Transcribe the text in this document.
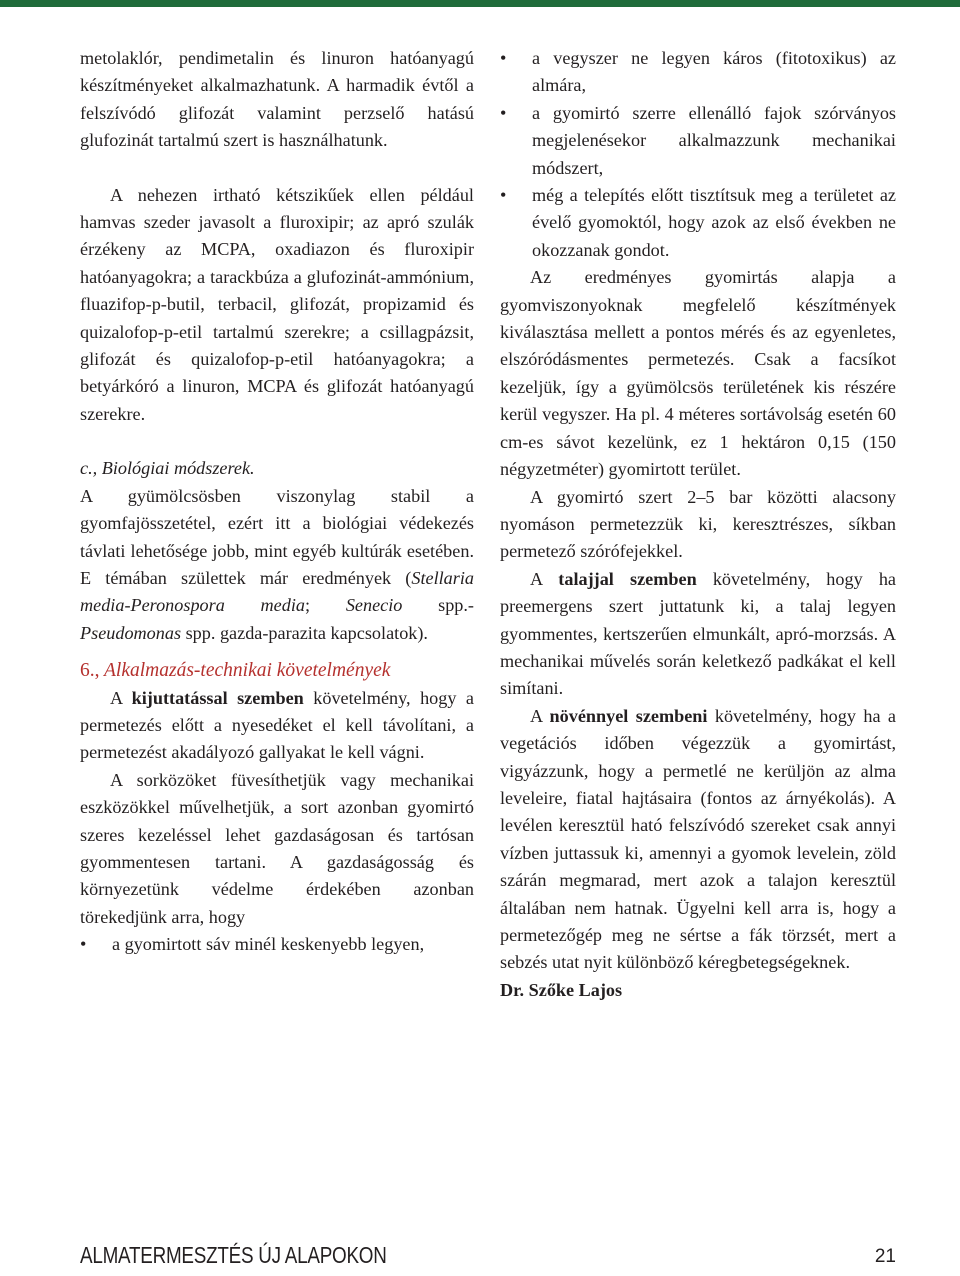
metolaklór, pendimetalin és linuron hatóanyagú készítményeket alkalmazhatunk. A harmadik évtől a felszívódó glifozát valamint perzselő hatású glufozinát tartalmú szert is használhatunk.

A nehezen irtható kétszikűek ellen például hamvas szeder javasolt a fluroxipir; az apró szulák érzékeny az MCPA, oxadiazon és fluroxipir hatóanyagokra; a tarackbúza a glufozinát-ammónium, fluazifop-p-butil, terbacil, glifozát, propizamid és quizalofop-p-etil tartalmú szerekre; a csillagpázsit, glifozát és quizalofop-p-etil hatóanyagokra; a betyárkóró a linuron, MCPA és glifozát hatóanyagú szerekre.

c., Biológiai módszerek.

A gyümölcsösben viszonylag stabil a gyomfajösszetétel, ezért itt a biológiai védekezés távlati lehetősége jobb, mint egyéb kultúrák esetében. E témában születtek már eredmények (Stellaria media-Peronospora media; Senecio spp.-Pseudomonas spp. gazda-parazita kapcsolatok).

6., Alkalmazás-technikai követelmények

A kijuttatással szemben követelmény, hogy a permetezés előtt a nyesedéket el kell távolítani, a permetezést akadályozó gallyakat le kell vágni.

A sorközöket füvesíthetjük vagy mechanikai eszközökkel művelhetjük, a sort azonban gyomirtó szeres kezeléssel lehet gazdaságosan és tartósan gyommentesen tartani. A gazdaságosság és környezetünk védelme érdekében azonban törekedjünk arra, hogy

• a gyomirtott sáv minél keskenyebb legyen,
• a vegyszer ne legyen káros (fitotoxikus) az almára,
• a gyomirtó szerre ellenálló fajok szórványos megjelenésekor alkalmazzunk mechanikai módszert,
• még a telepítés előtt tisztítsuk meg a területet az évelő gyomoktól, hogy azok az első években ne okozzanak gondot.

Az eredményes gyomirtás alapja a gyomviszonyoknak megfelelő készítmények kiválasztása mellett a pontos mérés és az egyenletes, elszóródásmentes permetezés. Csak a facsíkot kezeljük, így a gyümölcsös területének kis részére kerül vegyszer. Ha pl. 4 méteres sortávolság esetén 60 cm-es sávot kezelünk, ez 1 hektáron 0,15 (150 négyzetméter) gyomirtott terület.

A gyomirtó szert 2–5 bar közötti alacsony nyomáson permetezzük ki, keresztrészes, síkban permetező szórófejekkel.

A talajjal szemben követelmény, hogy ha preemergens szert juttatunk ki, a talaj legyen gyommentes, kertszerűen elmunkált, apró-morzsás. A mechanikai művelés során keletkező padkákat el kell simítani.

A növénnyel szembeni követelmény, hogy ha a vegetációs időben végezzük a gyomirtást, vigyázzunk, hogy a permetlé ne kerüljön az alma leveleire, fiatal hajtásaira (fontos az árnyékolás). A levélen keresztül ható felszívódó szereket csak annyi vízben juttassuk ki, amennyi a gyomok levelein, zöld szárán megmarad, mert azok a talajon keresztül általában nem hatnak. Ügyelni kell arra is, hogy a permetezőgép meg ne sértse a fák törzsét, mert a sebzés utat nyit különböző kéregbetegségeknek.

Dr. Szőke Lajos

ALMATERMESZTÉS ÚJ ALAPOKON	21
